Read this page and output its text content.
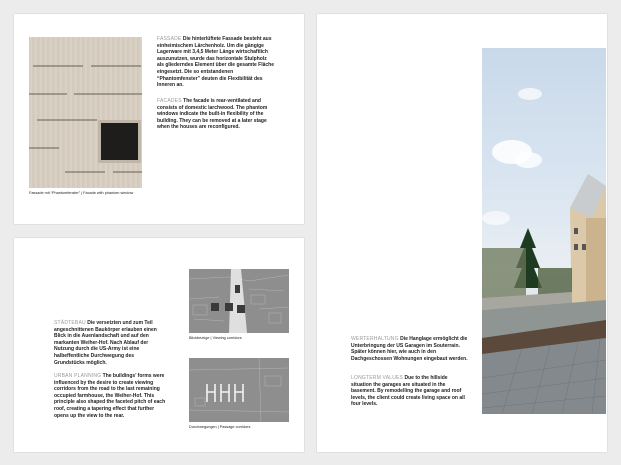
Fassade mit “Phantomfenster” | Facade with phantom window
FASSADE Die hinterlüftete Fassade besteht aus einheimischem Lärchenholz. Um die gängige Lagerware mit 3,4,5 Meter Länge wirtschaftlich auszunutzen, wurde das horizontale Stulpholz als gliederndes Element über die gesamte Fläche eingesetzt. Die so entstandenen “Phantomfenster” deuten die Flexibilität des Inneren an.
FACADES The facade is rear-ventilated and consists of domestic larchwood. The phantom windows indicate the built-in flexibility of the building. They can be removed at a later stage when the houses are reconfigured.
STÄDTEBAU Die versetzten und zum Teil angeschnittenen Baukörper erlauben einen Blick in die Auenlandschaft und auf den markanten Weiher-Hof. Nach Ablauf der Nutzung durch die US-Army ist eine halbeffentliche Durchwegung des Grundstücks möglich.
URBAN PLANNING The buildings’ forms were influenced by the desire to create viewing corridors from the road to the last remaining occupied farmhouse, the Weiher-Hof. This principle also shaped the faceted pitch of each roof, creating a tapering effect that further opens up the view to the rear.
Blickbezüge | Viewing corridors
Durchwegungen | Passage corridors
WERTERHALTUNG Die Hanglage ermöglicht die Unterbringung der US Garagen im Souterrain. Später können hier, wie auch in den Dachgeschossen Wohnungen eingebaut werden.
LONGTERM VALUES Due to the hillside situation the garages are situated in the basement. By remodelling the garage and roof levels, the client could create living space on all four levels.
